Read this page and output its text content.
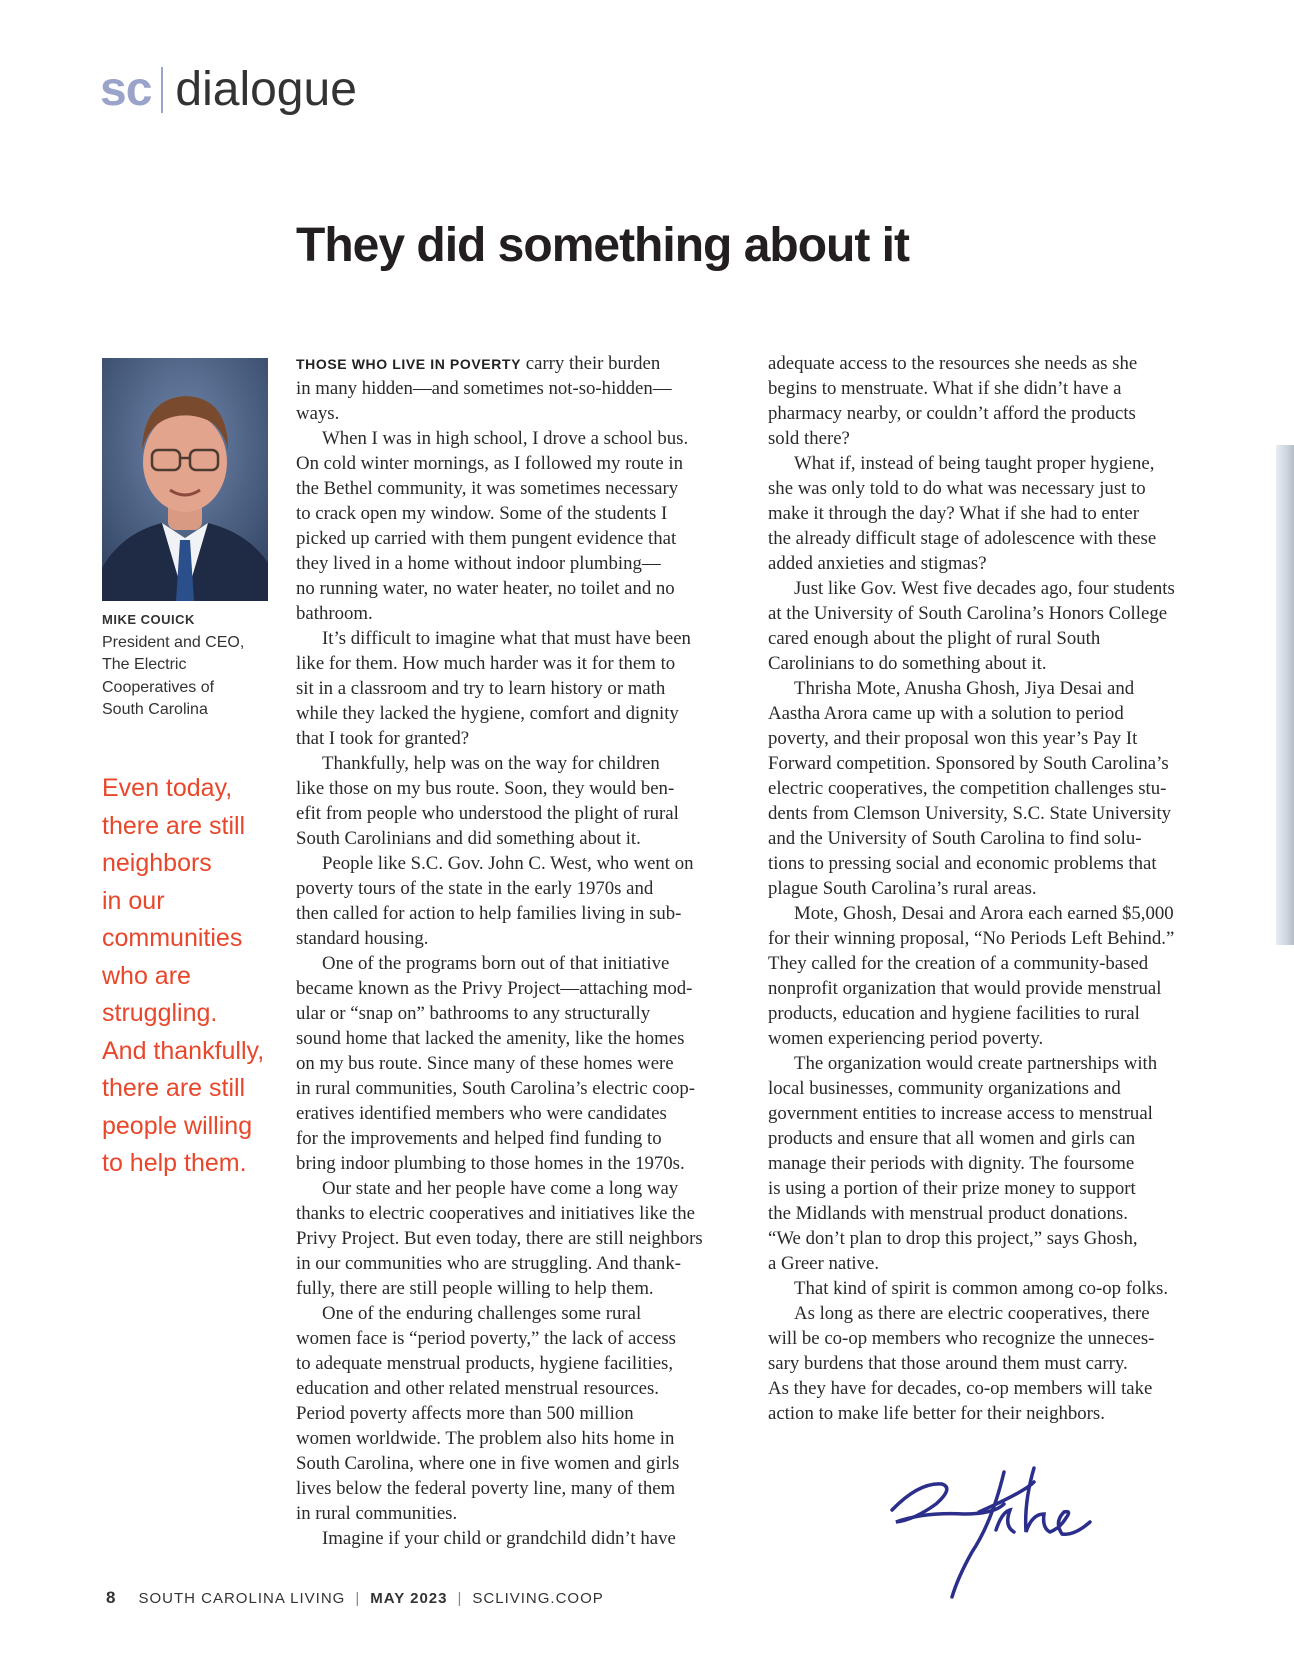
sc dialogue
They did something about it
MIKE COUICK
President and CEO,
The Electric
Cooperatives of
South Carolina
Even today,
there are still
neighbors
in our
communities
who are
struggling.
And thankfully,
there are still
people willing
to help them.
THOSE WHO LIVE IN POVERTY carry their burden
in many hidden—and sometimes not-so-hidden—
ways.
When I was in high school, I drove a school bus.
On cold winter mornings, as I followed my route in
the Bethel community, it was sometimes necessary
to crack open my window. Some of the students I
picked up carried with them pungent evidence that
they lived in a home without indoor plumbing—
no running water, no water heater, no toilet and no
bathroom.
It’s difficult to imagine what that must have been
like for them. How much harder was it for them to
sit in a classroom and try to learn history or math
while they lacked the hygiene, comfort and dignity
that I took for granted?
Thankfully, help was on the way for children
like those on my bus route. Soon, they would ben-
efit from people who understood the plight of rural
South Carolinians and did something about it.
People like S.C. Gov. John C. West, who went on
poverty tours of the state in the early 1970s and
then called for action to help families living in sub-
standard housing.
One of the programs born out of that initiative
became known as the Privy Project—attaching mod-
ular or “snap on” bathrooms to any structurally
sound home that lacked the amenity, like the homes
on my bus route. Since many of these homes were
in rural communities, South Carolina’s electric coop-
eratives identified members who were candidates
for the improvements and helped find funding to
bring indoor plumbing to those homes in the 1970s.
Our state and her people have come a long way
thanks to electric cooperatives and initiatives like the
Privy Project. But even today, there are still neighbors
in our communities who are struggling. And thank-
fully, there are still people willing to help them.
One of the enduring challenges some rural
women face is “period poverty,” the lack of access
to adequate menstrual products, hygiene facilities,
education and other related menstrual resources.
Period poverty affects more than 500 million
women worldwide. The problem also hits home in
South Carolina, where one in five women and girls
lives below the federal poverty line, many of them
in rural communities.
Imagine if your child or grandchild didn’t have
adequate access to the resources she needs as she
begins to menstruate. What if she didn’t have a
pharmacy nearby, or couldn’t afford the products
sold there?
What if, instead of being taught proper hygiene,
she was only told to do what was necessary just to
make it through the day? What if she had to enter
the already difficult stage of adolescence with these
added anxieties and stigmas?
Just like Gov. West five decades ago, four students
at the University of South Carolina’s Honors College
cared enough about the plight of rural South
Carolinians to do something about it.
Thrisha Mote, Anusha Ghosh, Jiya Desai and
Aastha Arora came up with a solution to period
poverty, and their proposal won this year’s Pay It
Forward competition. Sponsored by South Carolina’s
electric cooperatives, the competition challenges stu-
dents from Clemson University, S.C. State University
and the University of South Carolina to find solu-
tions to pressing social and economic problems that
plague South Carolina’s rural areas.
Mote, Ghosh, Desai and Arora each earned $5,000
for their winning proposal, “No Periods Left Behind.”
They called for the creation of a community-based
nonprofit organization that would provide menstrual
products, education and hygiene facilities to rural
women experiencing period poverty.
The organization would create partnerships with
local businesses, community organizations and
government entities to increase access to menstrual
products and ensure that all women and girls can
manage their periods with dignity. The foursome
is using a portion of their prize money to support
the Midlands with menstrual product donations.
“We don’t plan to drop this project,” says Ghosh,
a Greer native.
That kind of spirit is common among co-op folks.
As long as there are electric cooperatives, there
will be co-op members who recognize the unneces-
sary burdens that those around them must carry.
As they have for decades, co-op members will take
action to make life better for their neighbors.
8 SOUTH CAROLINA LIVING | MAY 2023 | SCLIVING.COOP
